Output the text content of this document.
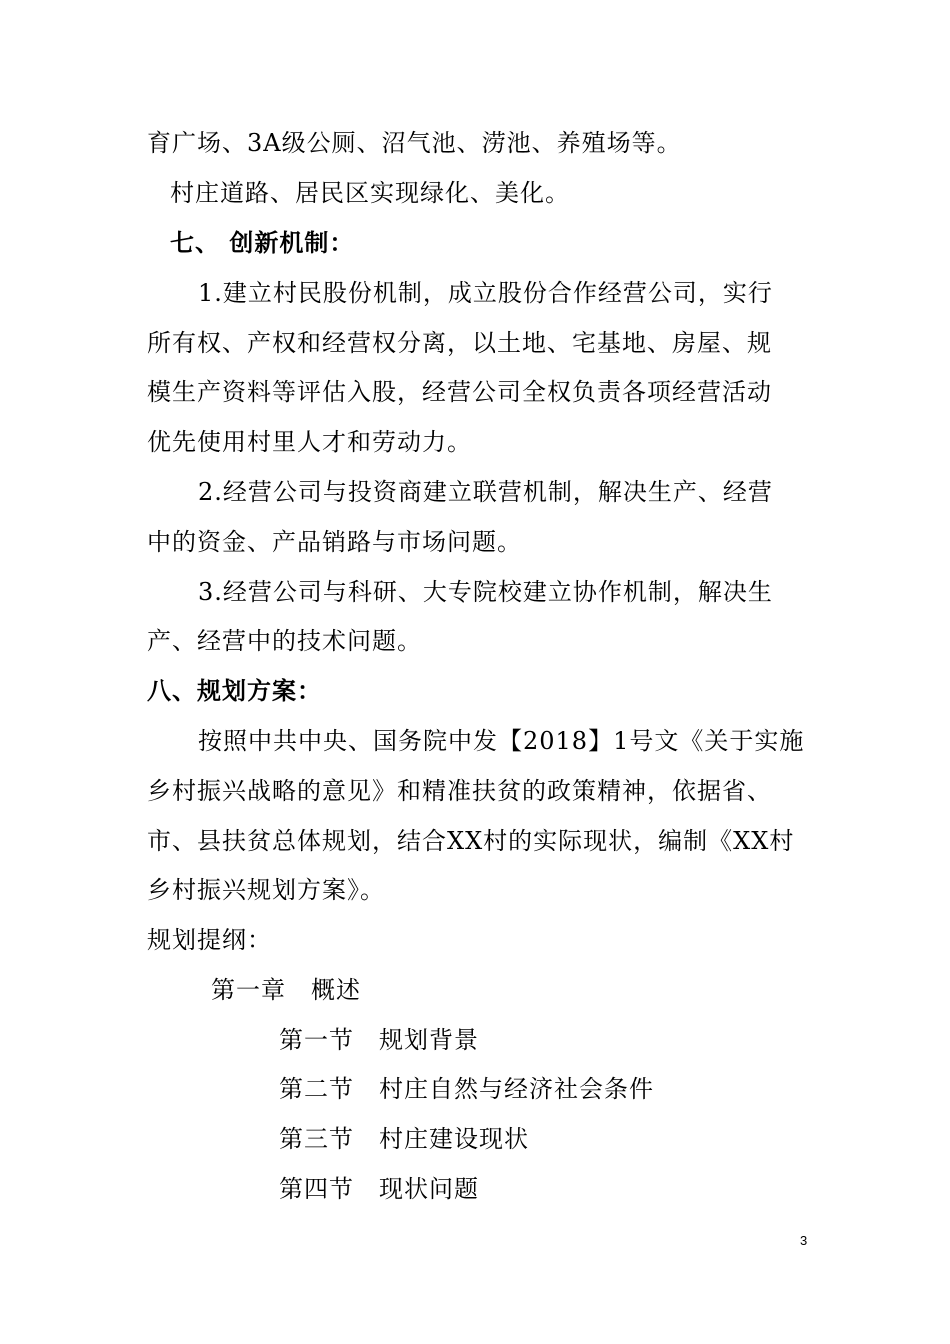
育广场、3A级公厕、沼气池、涝池、养殖场等。
村庄道路、居民区实现绿化、美化。
七、 创新机制：
1.建立村民股份机制，成立股份合作经营公司，实行
所有权、产权和经营权分离，以土地、宅基地、房屋、规
模生产资料等评估入股，经营公司全权负责各项经营活动
优先使用村里人才和劳动力。
2.经营公司与投资商建立联营机制，解决生产、经营
中的资金、产品销路与市场问题。
3.经营公司与科研、大专院校建立协作机制，解决生
产、经营中的技术问题。
八、规划方案：
按照中共中央、国务院中发【2018】1号文《关于实施
乡村振兴战略的意见》和精准扶贫的政策精神，依据省、
市、县扶贫总体规划，结合XX村的实际现状，编制《XX村
乡村振兴规划方案》。
规划提纲：
第一章　概述
第一节　规划背景
第二节　村庄自然与经济社会条件
第三节　村庄建设现状
第四节　现状问题
3
